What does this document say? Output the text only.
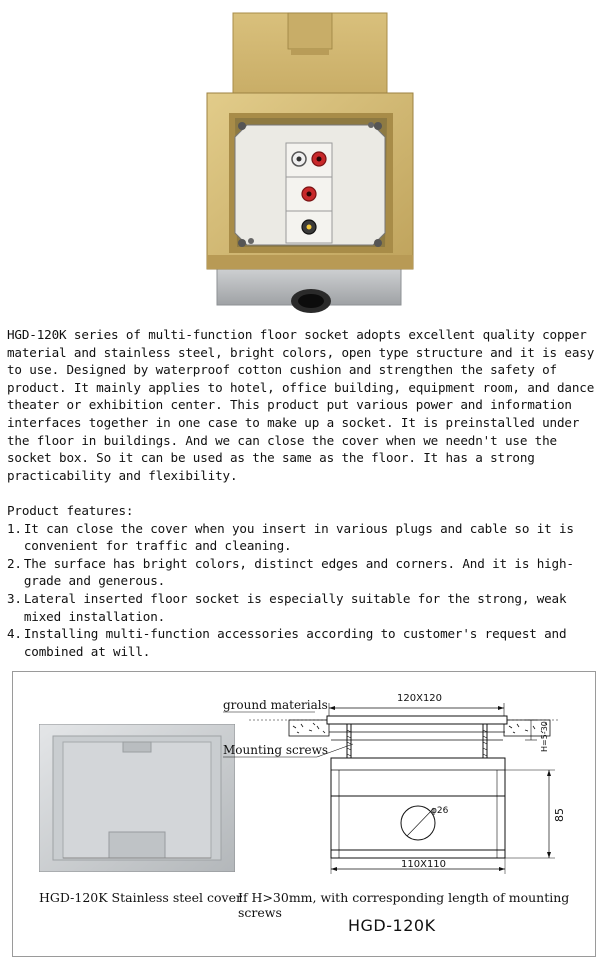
HGD-120K series of multi-function floor socket adopts excellent quality copper material and stainless steel, bright colors, open type structure and it is easy to use. Designed by waterproof cotton cushion and strengthen the safety of product. It mainly applies to hotel, office building, equipment room, and dance theater or exhibition center. This product put various power and information interfaces together in one case to make up a socket. It is preinstalled under the floor in buildings. And we can close the cover when we needn't use the socket box. So it can be used as the same as the floor. It has a strong practicability and flexibility.

Product features:

1. It can close the cover when you insert in various plugs and cable so it is convenient for traffic and cleaning.
2. The surface has bright colors, distinct edges and corners. And it is high-grade and generous.
3. Lateral inserted floor socket is especially suitable for the strong, weak mixed installation.
4. Installing multi-function accessories according to customer's request and combined at will.
HGD-120K Stainless steel cover
ground materials
Mounting screws
120X120
φ26
H=5-30
85
110X110
If H>30mm, with corresponding length of mounting screws
HGD-120K
